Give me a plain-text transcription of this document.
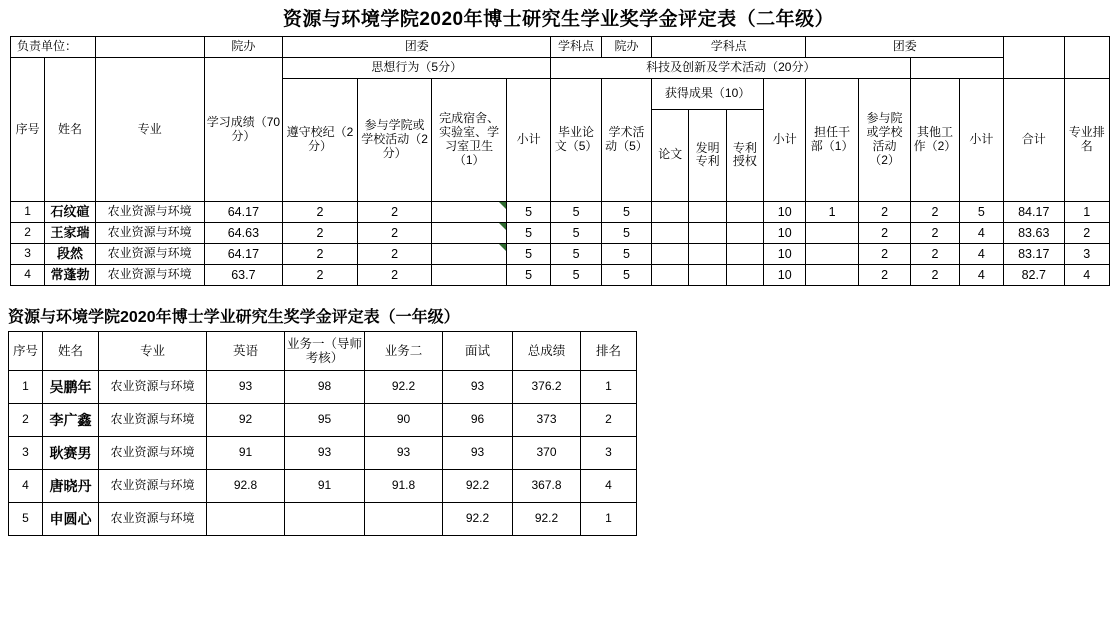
资源与环境学院2020年博士研究生学业奖学金评定表（二年级）
负责单位：			院办	团委				学科点	院办	学科点				团委					
序号	姓名	专业	学习成绩（70分）	思想行为（5分）				科技及创新及学术活动（20分）											
				遵守校纪（2分）	参与学院或学校活动（2分）	完成宿舍、实验室、学习室卫生（1）	小计	毕业论文（5）	学术活动（5）	获得成果（10）			小计	担任干部（1）	参与院或学校活动（2）	其他工作（2）	小计	合计	专业排名
										论文	发明专利	专利授权							
1	石纹碹	农业资源与环境	64.17	2	2		5	5	5				10	1	2	2	5	84.17	1
2	王家瑞	农业资源与环境	64.63	2	2		5	5	5				10		2	2	4	83.63	2
3	段然	农业资源与环境	64.17	2	2		5	5	5				10		2	2	4	83.17	3
4	常蓬勃	农业资源与环境	63.7	2	2		5	5	5				10		2	2	4	82.7	4
资源与环境学院2020年博士学业研究生奖学金评定表（一年级）
序号	姓名	专业	英语	业务一（导师考核）	业务二	面试	总成绩	排名
1	吴鹏年	农业资源与环境	93	98	92.2	93	376.2	1
2	李广鑫	农业资源与环境	92	95	90	96	373	2
3	耿赛男	农业资源与环境	91	93	93	93	370	3
4	唐晓丹	农业资源与环境	92.8	91	91.8	92.2	367.8	4
5	申圆心	农业资源与环境				92.2	92.2	1
